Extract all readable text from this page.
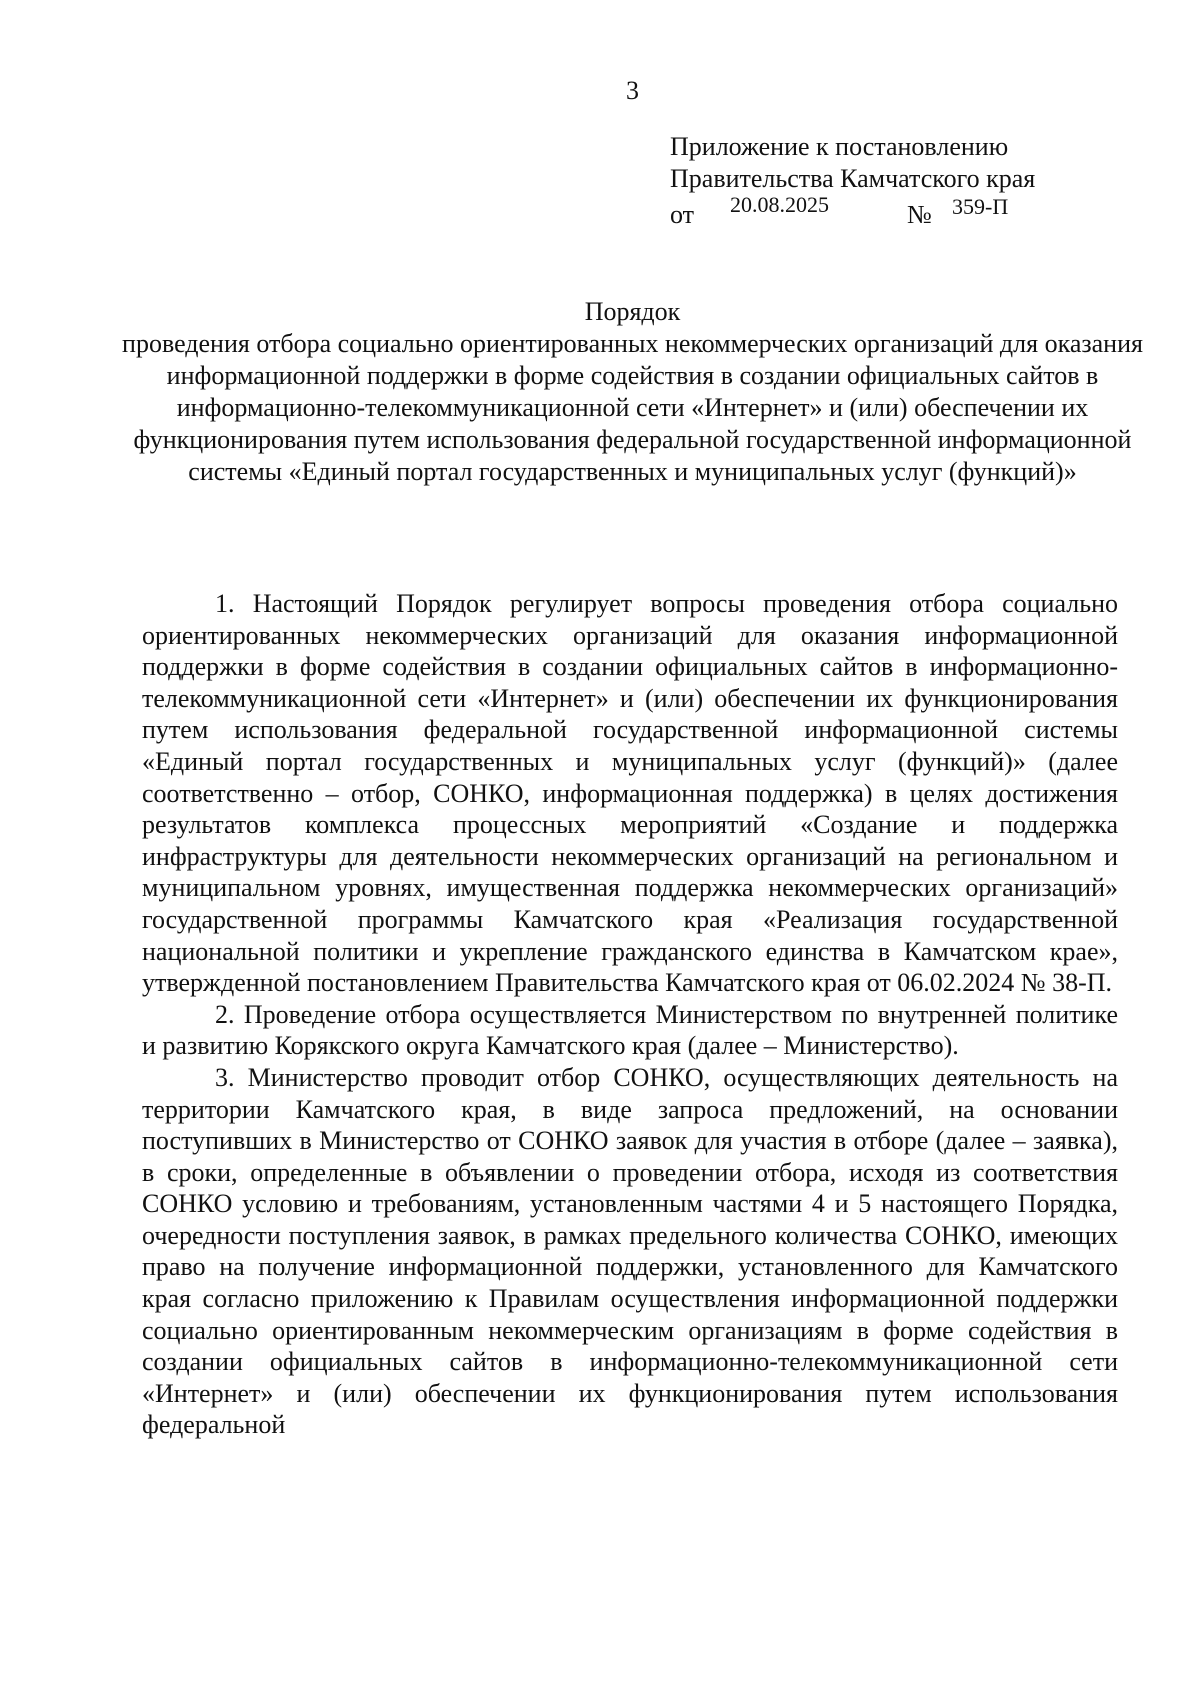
3
Приложение к постановлению
Правительства Камчатского края
от 20.08.2025	№ 359-П
Порядок
проведения отбора социально ориентированных некоммерческих организаций для оказания информационной поддержки в форме содействия в создании официальных сайтов в информационно-телекоммуникационной сети «Интернет» и (или) обеспечении их функционирования путем использования федеральной государственной информационной системы «Единый портал государственных и муниципальных услуг (функций)»

1. Настоящий Порядок регулирует вопросы проведения отбора социально ориентированных некоммерческих организаций для оказания информационной поддержки в форме содействия в создании официальных сайтов в информационно-телекоммуникационной сети «Интернет» и (или) обеспечении их функционирования путем использования федеральной государственной информационной системы «Единый портал государственных и муниципальных услуг (функций)» (далее соответственно – отбор, СОНКО, информационная поддержка) в целях достижения результатов комплекса процессных мероприятий «Создание и поддержка инфраструктуры для деятельности некоммерческих организаций на региональном и муниципальном уровнях, имущественная поддержка некоммерческих организаций» государственной программы Камчатского края «Реализация государственной национальной политики и укрепление гражданского единства в Камчатском крае», утвержденной постановлением Правительства Камчатского края от 06.02.2024 № 38-П.

2. Проведение отбора осуществляется Министерством по внутренней политике и развитию Корякского округа Камчатского края (далее – Министерство).

3. Министерство проводит отбор СОНКО, осуществляющих деятельность на территории Камчатского края, в виде запроса предложений, на основании поступивших в Министерство от СОНКО заявок для участия в отборе (далее – заявка), в сроки, определенные в объявлении о проведении отбора, исходя из соответствия СОНКО условию и требованиям, установленным частями 4 и 5 настоящего Порядка, очередности поступления заявок, в рамках предельного количества СОНКО, имеющих право на получение информационной поддержки, установленного для Камчатского края согласно приложению к Правилам осуществления информационной поддержки социально ориентированным некоммерческим организациям в форме содействия в создании официальных сайтов в информационно-телекоммуникационной сети «Интернет» и (или) обеспечении их функционирования путем использования федеральной
